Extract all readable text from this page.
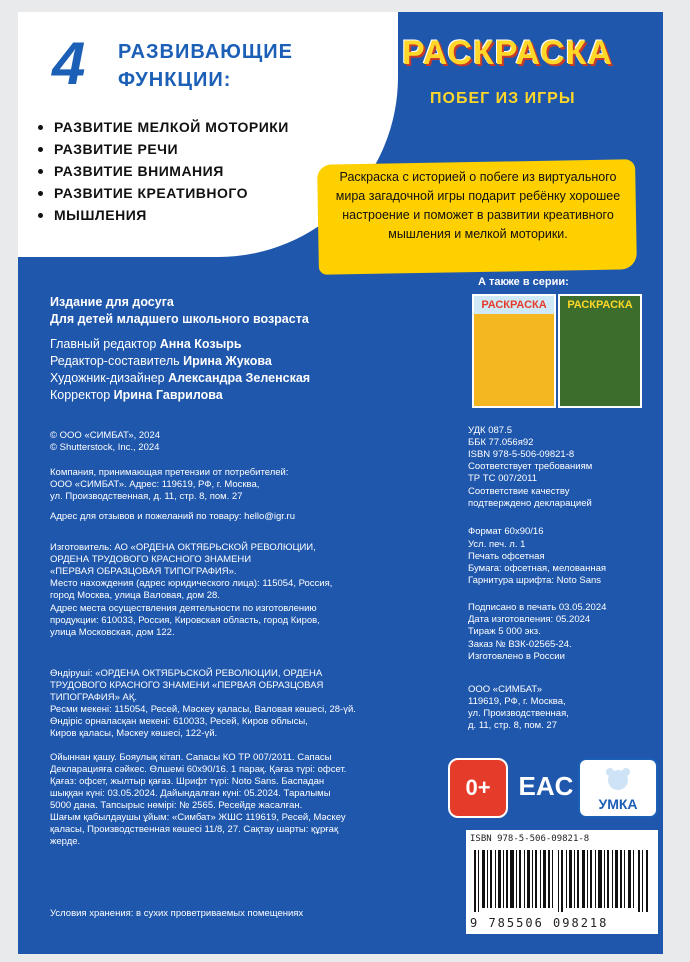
4 РАЗВИВАЮЩИЕ ФУНКЦИИ:
РАЗВИТИЕ МЕЛКОЙ МОТОРИКИ
РАЗВИТИЕ РЕЧИ
РАЗВИТИЕ ВНИМАНИЯ
РАЗВИТИЕ КРЕАТИВНОГО
МЫШЛЕНИЯ
РАСКРАСКА
ПОБЕГ ИЗ ИГРЫ
Раскраска с историей о побеге из виртуального мира загадочной игры подарит ребёнку хорошее настроение и поможет в развитии креативного мышления и мелкой моторики.
А также в серии:
РАСКРАСКА	РАСКРАСКА
Издание для досуга
Для детей младшего школьного возраста
Главный редактор Анна Козырь
Редактор-составитель Ирина Жукова
Художник-дизайнер Александра Зеленская
Корректор Ирина Гаврилова
© ООО «СИМБАТ», 2024
© Shutterstock, Inc., 2024
Компания, принимающая претензии от потребителей:
ООО «СИМБАТ». Адрес: 119619, РФ, г. Москва,
ул. Производственная, д. 11, стр. 8, пом. 27
Адрес для отзывов и пожеланий по товару: hello@igr.ru
Изготовитель: АО «ОРДЕНА ОКТЯБРЬСКОЙ РЕВОЛЮЦИИ,
ОРДЕНА ТРУДОВОГО КРАСНОГО ЗНАМЕНИ
«ПЕРВАЯ ОБРАЗЦОВАЯ ТИПОГРАФИЯ».
Место нахождения (адрес юридического лица): 115054, Россия,
город Москва, улица Валовая, дом 28.
Адрес места осуществления деятельности по изготовлению
продукции: 610033, Россия, Кировская область, город Киров,
улица Московская, дом 122.
Өндіруші: «ОРДЕНА ОКТЯБРЬСКОЙ РЕВОЛЮЦИИ, ОРДЕНА
ТРУДОВОГО КРАСНОГО ЗНАМЕНИ «ПЕРВАЯ ОБРАЗЦОВАЯ
ТИПОГРАФИЯ» АҚ.
Ресми мекені: 115054, Ресей, Мәскеу қаласы, Валовая көшесі, 28-үй.
Өндіріс орналасқан мекені: 610033, Ресей, Киров облысы,
Киров қаласы, Мәскеу көшесі, 122-үй.
Ойыннан қашу. Бояулық кітап. Сапасы КО ТР 007/2011. Сапасы
Декларацияға сәйкес. Өлшемі 60х90/16. 1 парақ. Қағаз түрі: офсет.
Қағаз: офсет, жылтыр қағаз. Шрифт түрі: Noto Sans. Баспадан
шыққан күні: 03.05.2024. Дайындалған күні: 05.2024. Таралымы
5000 дана. Тапсырыс нөмірі: № 2565. Ресейде жасалған.
Шағым қабылдаушы ұйым: «Симбат» ЖШС 119619, Ресей, Мәскеу
қаласы, Производственная көшесі 11/8, 27. Сақтау шарты: құрғақ
жерде.
Условия хранения: в сухих проветриваемых помещениях
УДК 087.5
ББК 77.056я92
ISBN 978-5-506-09821-8
Соответствует требованиям
ТР ТС 007/2011
Соответствие качеству
подтверждено декларацией
Формат 60х90/16
Усл. печ. л. 1
Печать офсетная
Бумага: офсетная, мелованная
Гарнитура шрифта: Noto Sans
Подписано в печать 03.05.2024
Дата изготовления: 05.2024
Тираж 5 000 экз.
Заказ № ВЗК-02565-24.
Изготовлено в России
ООО «СИМБАТ»
119619, РФ, г. Москва,
ул. Производственная,
д. 11, стр. 8, пом. 27
0+	EAC
УМКА
ISBN 978-5-506-09821-8
9 785506 098218
